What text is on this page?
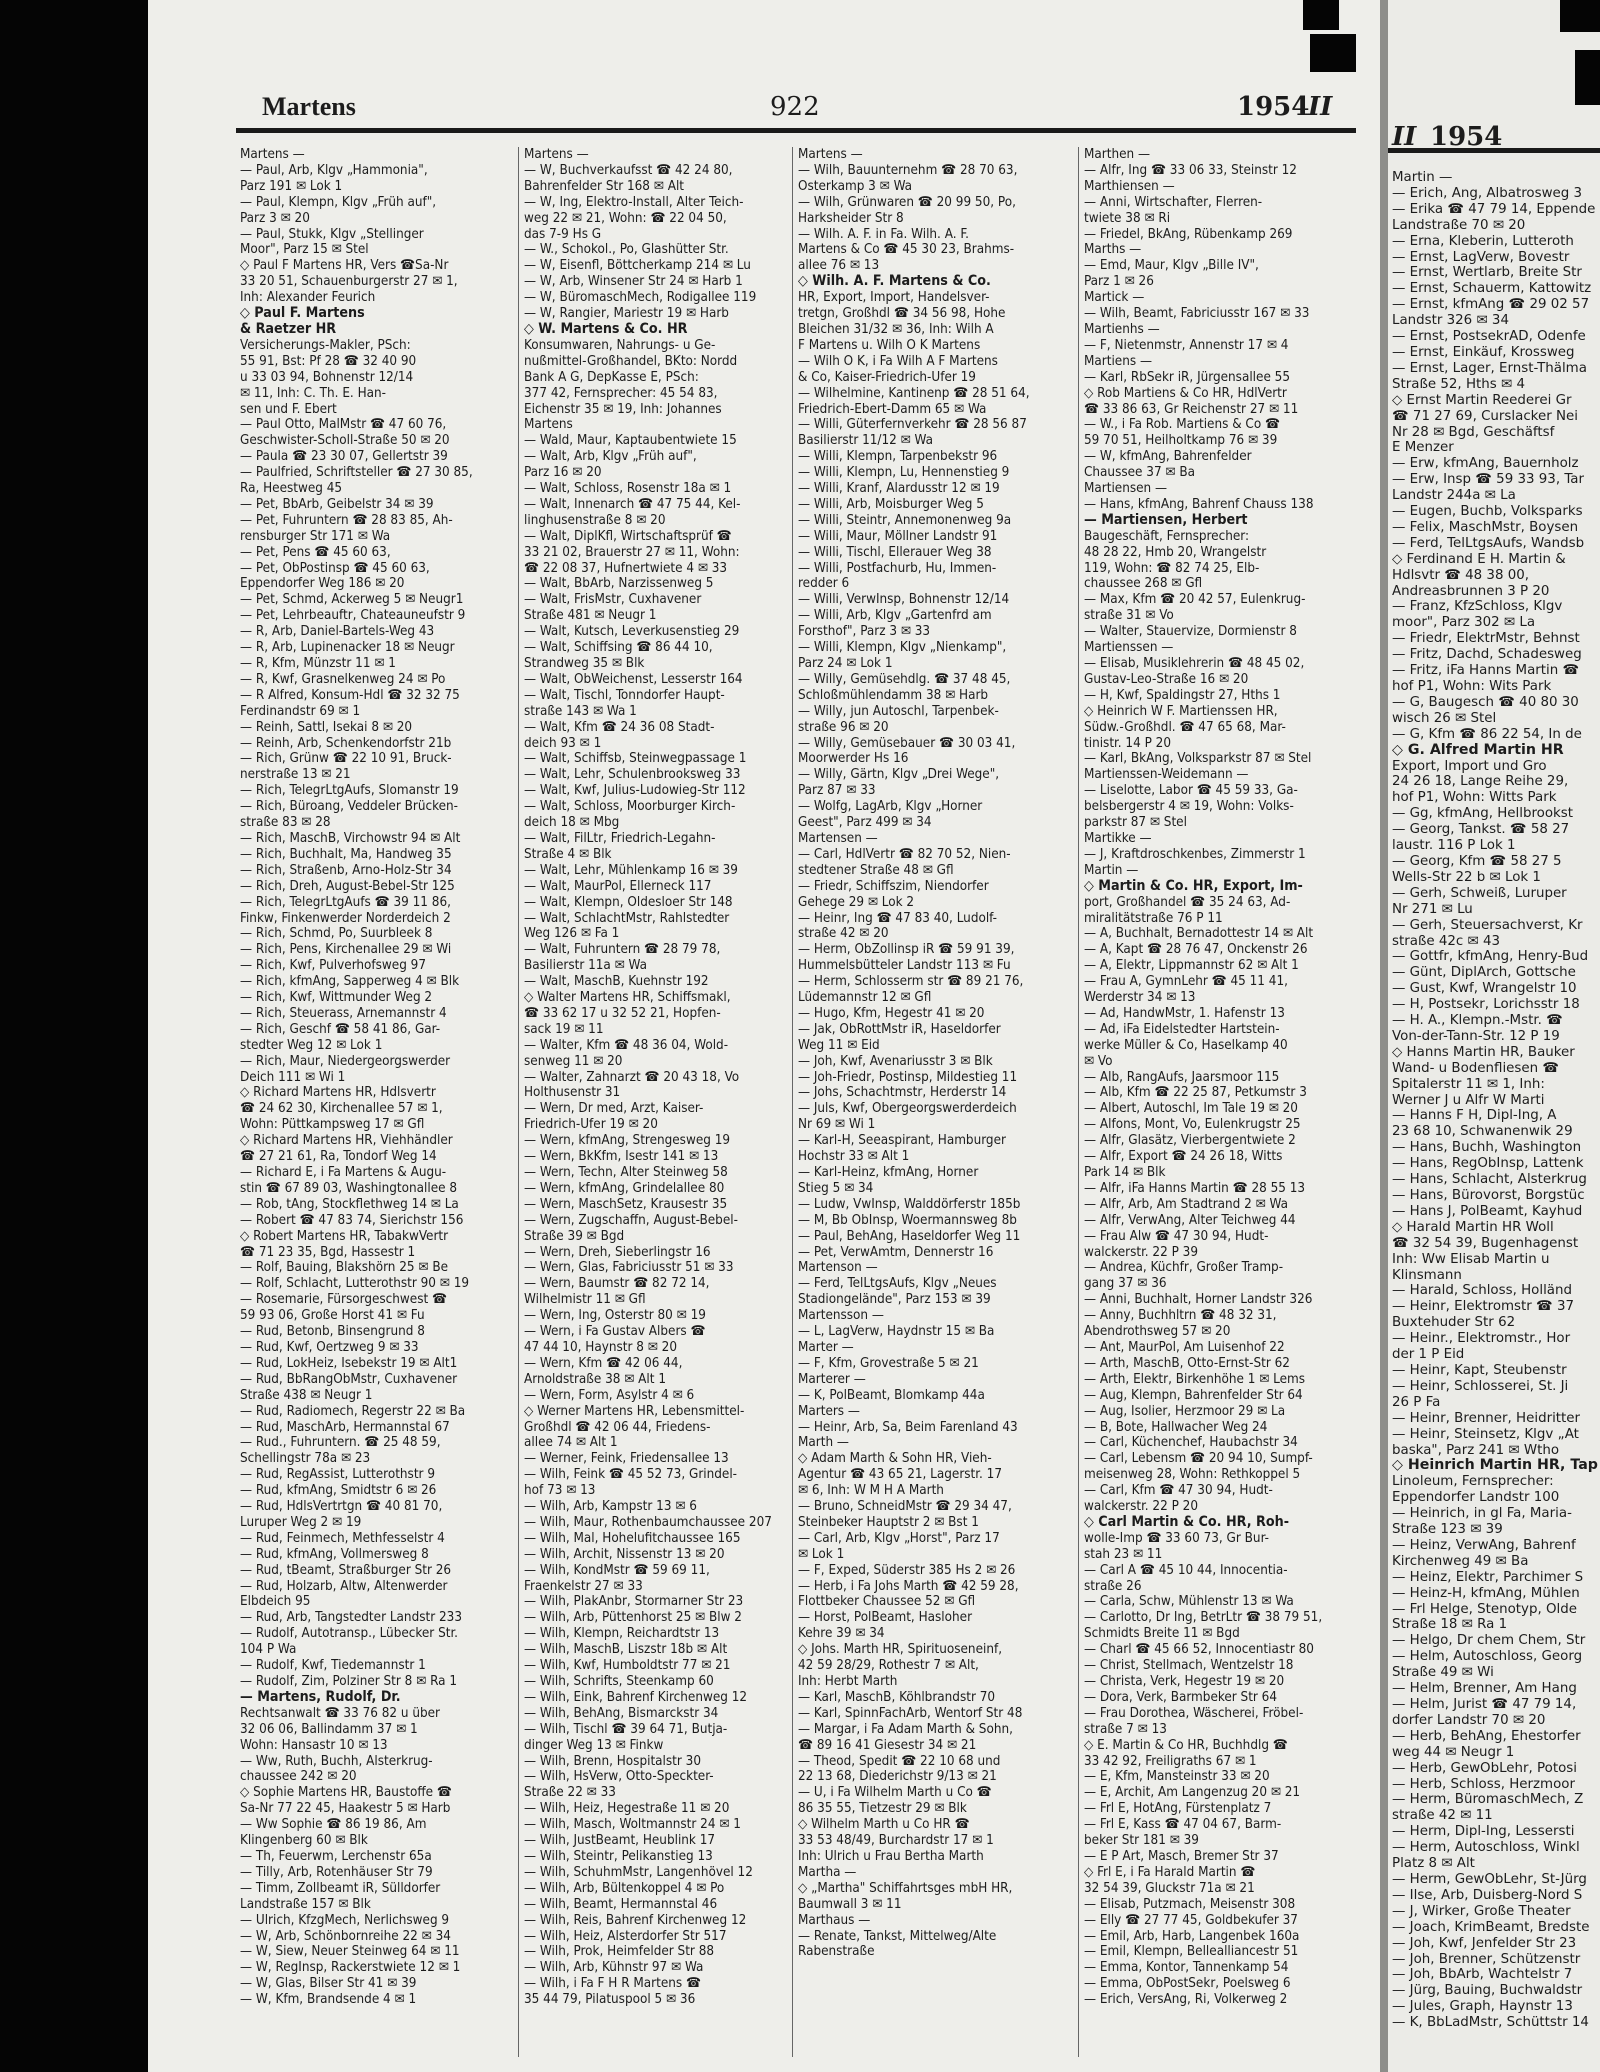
Martens	922	1954
II
II 1954
Martens —
— Paul, Arb, Klgv „Hammonia",
Parz 191 ✉ Lok 1
— Paul, Klempn, Klgv „Früh auf",
Parz 3 ✉ 20
— Paul, Stukk, Klgv „Stellinger
Moor", Parz 15 ✉ Stel
◇ Paul F Martens HR, Vers ☎Sa-Nr
33 20 51, Schauenburgerstr 27 ✉ 1,
Inh: Alexander Feurich
◇ Paul F. Martens
& Raetzer HR
Versicherungs-Makler, PSch:
55 91, Bst: Pf 28 ☎ 32 40 90
u 33 03 94, Bohnenstr 12/14
✉ 11, Inh: C. Th. E. Han-
sen und F. Ebert
— Paul Otto, MalMstr ☎ 47 60 76,
Geschwister-Scholl-Straße 50 ✉ 20
— Paula ☎ 23 30 07, Gellertstr 39
— Paulfried, Schriftsteller ☎ 27 30 85,
Ra, Heestweg 45
— Pet, BbArb, Geibelstr 34 ✉ 39
— Pet, Fuhruntern ☎ 28 83 85, Ah-
rensburger Str 171 ✉ Wa
— Pet, Pens ☎ 45 60 63,
— Pet, ObPostinsp ☎ 45 60 63,
Eppendorfer Weg 186 ✉ 20
— Pet, Schmd, Ackerweg 5 ✉ Neugr1
— Pet, Lehrbeauftr, Chateauneufstr 9
— R, Arb, Daniel-Bartels-Weg 43
— R, Arb, Lupinenacker 18 ✉ Neugr
— R, Kfm, Münzstr 11 ✉ 1
— R, Kwf, Grasnelkenweg 24 ✉ Po
— R Alfred, Konsum-Hdl ☎ 32 32 75
Ferdinandstr 69 ✉ 1
— Reinh, Sattl, Isekai 8 ✉ 20
— Reinh, Arb, Schenkendorfstr 21b
— Rich, Grünw ☎ 22 10 91, Bruck-
nerstraße 13 ✉ 21
— Rich, TelegrLtgAufs, Slomanstr 19
— Rich, Büroang, Veddeler Brücken-
straße 83 ✉ 28
— Rich, MaschB, Virchowstr 94 ✉ Alt
— Rich, Buchhalt, Ma, Handweg 35
— Rich, Straßenb, Arno-Holz-Str 34
— Rich, Dreh, August-Bebel-Str 125
— Rich, TelegrLtgAufs ☎ 39 11 86,
Finkw, Finkenwerder Norderdeich 2
— Rich, Schmd, Po, Suurbleek 8
— Rich, Pens, Kirchenallee 29 ✉ Wi
— Rich, Kwf, Pulverhofsweg 97
— Rich, kfmAng, Sapperweg 4 ✉ Blk
— Rich, Kwf, Wittmunder Weg 2
— Rich, Steuerass, Arnemannstr 4
— Rich, Geschf ☎ 58 41 86, Gar-
stedter Weg 12 ✉ Lok 1
— Rich, Maur, Niedergeorgswerder
Deich 111 ✉ Wi 1
◇ Richard Martens HR, Hdlsvertr
☎ 24 62 30, Kirchenallee 57 ✉ 1,
Wohn: Püttkampsweg 17 ✉ Gfl
◇ Richard Martens HR, Viehhändler
☎ 27 21 61, Ra, Tondorf Weg 14
— Richard E, i Fa Martens & Augu-
stin ☎ 67 89 03, Washingtonallee 8
— Rob, tAng, Stockflethweg 14 ✉ La
— Robert ☎ 47 83 74, Sierichstr 156
◇ Robert Martens HR, TabakwVertr
☎ 71 23 35, Bgd, Hassestr 1
— Rolf, Bauing, Blakshörn 25 ✉ Be
— Rolf, Schlacht, Lutterothstr 90 ✉ 19
— Rosemarie, Fürsorgeschwest ☎
59 93 06, Große Horst 41 ✉ Fu
— Rud, Betonb, Binsengrund 8
— Rud, Kwf, Oertzweg 9 ✉ 33
— Rud, LokHeiz, Isebekstr 19 ✉ Alt1
— Rud, BbRangObMstr, Cuxhavener
Straße 438 ✉ Neugr 1
— Rud, Radiomech, Regerstr 22 ✉ Ba
— Rud, MaschArb, Hermannstal 67
— Rud., Fuhruntern. ☎ 25 48 59,
Schellingstr 78a ✉ 23
— Rud, RegAssist, Lutterothstr 9
— Rud, kfmAng, Smidtstr 6 ✉ 26
— Rud, HdlsVertrtgn ☎ 40 81 70,
Luruper Weg 2 ✉ 19
— Rud, Feinmech, Methfesselstr 4
— Rud, kfmAng, Vollmersweg 8
— Rud, tBeamt, Straßburger Str 26
— Rud, Holzarb, Altw, Altenwerder
Elbdeich 95
— Rud, Arb, Tangstedter Landstr 233
— Rudolf, Autotransp., Lübecker Str.
104 P Wa
— Rudolf, Kwf, Tiedemannstr 1
— Rudolf, Zim, Polziner Str 8 ✉ Ra 1
— Martens, Rudolf, Dr.
Rechtsanwalt ☎ 33 76 82 u über
32 06 06, Ballindamm 37 ✉ 1
Wohn: Hansastr 10 ✉ 13
— Ww, Ruth, Buchh, Alsterkrug-
chaussee 242 ✉ 20
◇ Sophie Martens HR, Baustoffe ☎
Sa-Nr 77 22 45, Haakestr 5 ✉ Harb
— Ww Sophie ☎ 86 19 86, Am
Klingenberg 60 ✉ Blk
— Th, Feuerwm, Lerchenstr 65a
— Tilly, Arb, Rotenhäuser Str 79
— Timm, Zollbeamt iR, Sülldorfer
Landstraße 157 ✉ Blk
— Ulrich, KfzgMech, Nerlichsweg 9
— W, Arb, Schönbornreihe 22 ✉ 34
— W, Siew, Neuer Steinweg 64 ✉ 11
— W, RegInsp, Rackerstwiete 12 ✉ 1
— W, Glas, Bilser Str 41 ✉ 39
— W, Kfm, Brandsende 4 ✉ 1
Martens —
— W, Buchverkaufsst ☎ 42 24 80,
Bahrenfelder Str 168 ✉ Alt
— W, Ing, Elektro-Install, Alter Teich-
weg 22 ✉ 21, Wohn: ☎ 22 04 50,
das 7-9 Hs G
— W., Schokol., Po, Glashütter Str.
— W, Eisenfl, Böttcherkamp 214 ✉ Lu
— W, Arb, Winsener Str 24 ✉ Harb 1
— W, BüromaschMech, Rodigallee 119
— W, Rangier, Mariestr 19 ✉ Harb
◇ W. Martens & Co. HR
Konsumwaren, Nahrungs- u Ge-
nußmittel-Großhandel, BKto: Nordd
Bank A G, DepKasse E, PSch:
377 42, Fernsprecher: 45 54 83,
Eichenstr 35 ✉ 19, Inh: Johannes
Martens
— Wald, Maur, Kaptaubentwiete 15
— Walt, Arb, Klgv „Früh auf",
Parz 16 ✉ 20
— Walt, Schloss, Rosenstr 18a ✉ 1
— Walt, Innenarch ☎ 47 75 44, Kel-
linghusenstraße 8 ✉ 20
— Walt, DiplKfl, Wirtschaftsprüf ☎
33 21 02, Brauerstr 27 ✉ 11, Wohn:
☎ 22 08 37, Hufnertwiete 4 ✉ 33
— Walt, BbArb, Narzissenweg 5
— Walt, FrisMstr, Cuxhavener
Straße 481 ✉ Neugr 1
— Walt, Kutsch, Leverkusenstieg 29
— Walt, Schiffsing ☎ 86 44 10,
Strandweg 35 ✉ Blk
— Walt, ObWeichenst, Lesserstr 164
— Walt, Tischl, Tonndorfer Haupt-
straße 143 ✉ Wa 1
— Walt, Kfm ☎ 24 36 08 Stadt-
deich 93 ✉ 1
— Walt, Schiffsb, Steinwegpassage 1
— Walt, Lehr, Schulenbrooksweg 33
— Walt, Kwf, Julius-Ludowieg-Str 112
— Walt, Schloss, Moorburger Kirch-
deich 18 ✉ Mbg
— Walt, FilLtr, Friedrich-Legahn-
Straße 4 ✉ Blk
— Walt, Lehr, Mühlenkamp 16 ✉ 39
— Walt, MaurPol, Ellerneck 117
— Walt, Klempn, Oldesloer Str 148
— Walt, SchlachtMstr, Rahlstedter
Weg 126 ✉ Fa 1
— Walt, Fuhruntern ☎ 28 79 78,
Basilierstr 11a ✉ Wa
— Walt, MaschB, Kuehnstr 192
◇ Walter Martens HR, Schiffsmakl,
☎ 33 62 17 u 32 52 21, Hopfen-
sack 19 ✉ 11
— Walter, Kfm ☎ 48 36 04, Wold-
senweg 11 ✉ 20
— Walter, Zahnarzt ☎ 20 43 18, Vo
Holthusenstr 31
— Wern, Dr med, Arzt, Kaiser-
Friedrich-Ufer 19 ✉ 20
— Wern, kfmAng, Strengesweg 19
— Wern, BkKfm, Isestr 141 ✉ 13
— Wern, Techn, Alter Steinweg 58
— Wern, kfmAng, Grindelallee 80
— Wern, MaschSetz, Krausestr 35
— Wern, Zugschaffn, August-Bebel-
Straße 39 ✉ Bgd
— Wern, Dreh, Sieberlingstr 16
— Wern, Glas, Fabriciusstr 51 ✉ 33
— Wern, Baumstr ☎ 82 72 14,
Wilhelmistr 11 ✉ Gfl
— Wern, Ing, Osterstr 80 ✉ 19
— Wern, i Fa Gustav Albers ☎
47 44 10, Haynstr 8 ✉ 20
— Wern, Kfm ☎ 42 06 44,
Arnoldstraße 38 ✉ Alt 1
— Wern, Form, Asylstr 4 ✉ 6
◇ Werner Martens HR, Lebensmittel-
Großhdl ☎ 42 06 44, Friedens-
allee 74 ✉ Alt 1
— Werner, Feink, Friedensallee 13
— Wilh, Feink ☎ 45 52 73, Grindel-
hof 73 ✉ 13
— Wilh, Arb, Kampstr 13 ✉ 6
— Wilh, Maur, Rothenbaumchaussee 207
— Wilh, Mal, Hohelufitchaussee 165
— Wilh, Archit, Nissenstr 13 ✉ 20
— Wilh, KondMstr ☎ 59 69 11,
Fraenkelstr 27 ✉ 33
— Wilh, PlakAnbr, Stormarner Str 23
— Wilh, Arb, Püttenhorst 25 ✉ Blw 2
— Wilh, Klempn, Reichardtstr 13
— Wilh, MaschB, Liszstr 18b ✉ Alt
— Wilh, Kwf, Humboldtstr 77 ✉ 21
— Wilh, Schrifts, Steenkamp 60
— Wilh, Eink, Bahrenf Kirchenweg 12
— Wilh, BehAng, Bismarckstr 34
— Wilh, Tischl ☎ 39 64 71, Butja-
dinger Weg 13 ✉ Finkw
— Wilh, Brenn, Hospitalstr 30
— Wilh, HsVerw, Otto-Speckter-
Straße 22 ✉ 33
— Wilh, Heiz, Hegestraße 11 ✉ 20
— Wilh, Masch, Woltmannstr 24 ✉ 1
— Wilh, JustBeamt, Heublink 17
— Wilh, Steintr, Pelikanstieg 13
— Wilh, SchuhmMstr, Langenhövel 12
— Wilh, Arb, Bültenkoppel 4 ✉ Po
— Wilh, Beamt, Hermannstal 46
— Wilh, Reis, Bahrenf Kirchenweg 12
— Wilh, Heiz, Alsterdorfer Str 517
— Wilh, Prok, Heimfelder Str 88
— Wilh, Arb, Kühnstr 97 ✉ Wa
— Wilh, i Fa F H R Martens ☎
35 44 79, Pilatuspool 5 ✉ 36
Martens —
— Wilh, Bauunternehm ☎ 28 70 63,
Osterkamp 3 ✉ Wa
— Wilh, Grünwaren ☎ 20 99 50, Po,
Harksheider Str 8
— Wilh. A. F. in Fa. Wilh. A. F.
Martens & Co ☎ 45 30 23, Brahms-
allee 76 ✉ 13
◇ Wilh. A. F. Martens & Co.
HR, Export, Import, Handelsver-
tretgn, Großhdl ☎ 34 56 98, Hohe
Bleichen 31/32 ✉ 36, Inh: Wilh A
F Martens u. Wilh O K Martens
— Wilh O K, i Fa Wilh A F Martens
& Co, Kaiser-Friedrich-Ufer 19
— Wilhelmine, Kantinenp ☎ 28 51 64,
Friedrich-Ebert-Damm 65 ✉ Wa
— Willi, Güterfernverkehr ☎ 28 56 87
Basilierstr 11/12 ✉ Wa
— Willi, Klempn, Tarpenbekstr 96
— Willi, Klempn, Lu, Hennenstieg 9
— Willi, Kranf, Alardusstr 12 ✉ 19
— Willi, Arb, Moisburger Weg 5
— Willi, Steintr, Annemonenweg 9a
— Willi, Maur, Möllner Landstr 91
— Willi, Tischl, Ellerauer Weg 38
— Willi, Postfachurb, Hu, Immen-
redder 6
— Willi, VerwInsp, Bohnenstr 12/14
— Willi, Arb, Klgv „Gartenfrd am
Forsthof", Parz 3 ✉ 33
— Willi, Klempn, Klgv „Nienkamp",
Parz 24 ✉ Lok 1
— Willy, Gemüsehdlg. ☎ 37 48 45,
Schloßmühlendamm 38 ✉ Harb
— Willy, jun Autoschl, Tarpenbek-
straße 96 ✉ 20
— Willy, Gemüsebauer ☎ 30 03 41,
Moorwerder Hs 16
— Willy, Gärtn, Klgv „Drei Wege",
Parz 87 ✉ 33
— Wolfg, LagArb, Klgv „Horner
Geest", Parz 499 ✉ 34
Martensen —
— Carl, HdlVertr ☎ 82 70 52, Nien-
stedtener Straße 48 ✉ Gfl
— Friedr, Schiffszim, Niendorfer
Gehege 29 ✉ Lok 2
— Heinr, Ing ☎ 47 83 40, Ludolf-
straße 42 ✉ 20
— Herm, ObZollinsp iR ☎ 59 91 39,
Hummelsbütteler Landstr 113 ✉ Fu
— Herm, Schlosserm str ☎ 89 21 76,
Lüdemannstr 12 ✉ Gfl
— Hugo, Kfm, Hegestr 41 ✉ 20
— Jak, ObRottMstr iR, Haseldorfer
Weg 11 ✉ Eid
— Joh, Kwf, Avenariusstr 3 ✉ Blk
— Joh-Friedr, Postinsp, Mildestieg 11
— Johs, Schachtmstr, Herderstr 14
— Juls, Kwf, Obergeorgswerderdeich
Nr 69 ✉ Wi 1
— Karl-H, Seeaspirant, Hamburger
Hochstr 33 ✉ Alt 1
— Karl-Heinz, kfmAng, Horner
Stieg 5 ✉ 34
— Ludw, VwInsp, Walddörferstr 185b
— M, Bb ObInsp, Woermannsweg 8b
— Paul, BehAng, Haseldorfer Weg 11
— Pet, VerwAmtm, Dennerstr 16
Martenson —
— Ferd, TelLtgsAufs, Klgv „Neues
Stadiongelände", Parz 153 ✉ 39
Martensson —
— L, LagVerw, Haydnstr 15 ✉ Ba
Marter —
— F, Kfm, Grovestraße 5 ✉ 21
Marterer —
— K, PolBeamt, Blomkamp 44a
Marters —
— Heinr, Arb, Sa, Beim Farenland 43
Marth —
◇ Adam Marth & Sohn HR, Vieh-
Agentur ☎ 43 65 21, Lagerstr. 17
✉ 6, Inh: W M H A Marth
— Bruno, SchneidMstr ☎ 29 34 47,
Steinbeker Hauptstr 2 ✉ Bst 1
— Carl, Arb, Klgv „Horst", Parz 17
✉ Lok 1
— F, Exped, Süderstr 385 Hs 2 ✉ 26
— Herb, i Fa Johs Marth ☎ 42 59 28,
Flottbeker Chaussee 52 ✉ Gfl
— Horst, PolBeamt, Hasloher
Kehre 39 ✉ 34
◇ Johs. Marth HR, Spirituoseneinf,
42 59 28/29, Rothestr 7 ✉ Alt,
Inh: Herbt Marth
— Karl, MaschB, Köhlbrandstr 70
— Karl, SpinnFachArb, Wentorf Str 48
— Margar, i Fa Adam Marth & Sohn,
☎ 89 16 41 Giesestr 34 ✉ 21
— Theod, Spedit ☎ 22 10 68 und
22 13 68, Diederichstr 9/13 ✉ 21
— U, i Fa Wilhelm Marth u Co ☎
86 35 55, Tietzestr 29 ✉ Blk
◇ Wilhelm Marth u Co HR ☎
33 53 48/49, Burchardstr 17 ✉ 1
Inh: Ulrich u Frau Bertha Marth
Martha —
◇ „Martha" Schiffahrtsges mbH HR,
Baumwall 3 ✉ 11
Marthaus —
— Renate, Tankst, Mittelweg/Alte
Rabenstraße
Marthen —
— Alfr, Ing ☎ 33 06 33, Steinstr 12
Marthiensen —
— Anni, Wirtschafter, Flerren-
twiete 38 ✉ Ri
— Friedel, BkAng, Rübenkamp 269
Marths —
— Emd, Maur, Klgv „Bille IV",
Parz 1 ✉ 26
Martick —
— Wilh, Beamt, Fabriciusstr 167 ✉ 33
Martienhs —
— F, Nietenmstr, Annenstr 17 ✉ 4
Martiens —
— Karl, RbSekr iR, Jürgensallee 55
◇ Rob Martiens & Co HR, HdlVertr
☎ 33 86 63, Gr Reichenstr 27 ✉ 11
— W., i Fa Rob. Martiens & Co ☎
59 70 51, Heilholtkamp 76 ✉ 39
— W, kfmAng, Bahrenfelder
Chaussee 37 ✉ Ba
Martiensen —
— Hans, kfmAng, Bahrenf Chauss 138
— Martiensen, Herbert
Baugeschäft, Fernsprecher:
48 28 22, Hmb 20, Wrangelstr
119, Wohn: ☎ 82 74 25, Elb-
chaussee 268 ✉ Gfl
— Max, Kfm ☎ 20 42 57, Eulenkrug-
straße 31 ✉ Vo
— Walter, Stauervize, Dormienstr 8
Martienssen —
— Elisab, Musiklehrerin ☎ 48 45 02,
Gustav-Leo-Straße 16 ✉ 20
— H, Kwf, Spaldingstr 27, Hths 1
◇ Heinrich W F. Martienssen HR,
Südw.-Großhdl. ☎ 47 65 68, Mar-
tinistr. 14 P 20
— Karl, BkAng, Volksparkstr 87 ✉ Stel
Martienssen-Weidemann —
— Liselotte, Labor ☎ 45 59 33, Ga-
belsbergerstr 4 ✉ 19, Wohn: Volks-
parkstr 87 ✉ Stel
Martikke —
— J, Kraftdroschkenbes, Zimmerstr 1
Martin —
◇ Martin & Co. HR, Export, Im-
port, Großhandel ☎ 35 24 63, Ad-
miralitätstraße 76 P 11
— A, Buchhalt, Bernadottestr 14 ✉ Alt
— A, Kapt ☎ 28 76 47, Onckenstr 26
— A, Elektr, Lippmannstr 62 ✉ Alt 1
— Frau A, GymnLehr ☎ 45 11 41,
Werderstr 34 ✉ 13
— Ad, HandwMstr, 1. Hafenstr 13
— Ad, iFa Eidelstedter Hartstein-
werke Müller & Co, Haselkamp 40
✉ Vo
— Alb, RangAufs, Jaarsmoor 115
— Alb, Kfm ☎ 22 25 87, Petkumstr 3
— Albert, Autoschl, Im Tale 19 ✉ 20
— Alfons, Mont, Vo, Eulenkrugstr 25
— Alfr, Glasätz, Vierbergentwiete 2
— Alfr, Export ☎ 24 26 18, Witts
Park 14 ✉ Blk
— Alfr, iFa Hanns Martin ☎ 28 55 13
— Alfr, Arb, Am Stadtrand 2 ✉ Wa
— Alfr, VerwAng, Alter Teichweg 44
— Frau Alw ☎ 47 30 94, Hudt-
walckerstr. 22 P 39
— Andrea, Küchfr, Großer Tramp-
gang 37 ✉ 36
— Anni, Buchhalt, Horner Landstr 326
— Anny, Buchhltrn ☎ 48 32 31,
Abendrothsweg 57 ✉ 20
— Ant, MaurPol, Am Luisenhof 22
— Arth, MaschB, Otto-Ernst-Str 62
— Arth, Elektr, Birkenhöhe 1 ✉ Lems
— Aug, Klempn, Bahrenfelder Str 64
— Aug, Isolier, Herzmoor 29 ✉ La
— B, Bote, Hallwacher Weg 24
— Carl, Küchenchef, Haubachstr 34
— Carl, Lebensm ☎ 20 94 10, Sumpf-
meisenweg 28, Wohn: Rethkoppel 5
— Carl, Kfm ☎ 47 30 94, Hudt-
walckerstr. 22 P 20
◇ Carl Martin & Co. HR, Roh-
wolle-Imp ☎ 33 60 73, Gr Bur-
stah 23 ✉ 11
— Carl A ☎ 45 10 44, Innocentia-
straße 26
— Carla, Schw, Mühlenstr 13 ✉ Wa
— Carlotto, Dr Ing, BetrLtr ☎ 38 79 51,
Schmidts Breite 11 ✉ Bgd
— Charl ☎ 45 66 52, Innocentiastr 80
— Christ, Stellmach, Wentzelstr 18
— Christa, Verk, Hegestr 19 ✉ 20
— Dora, Verk, Barmbeker Str 64
— Frau Dorothea, Wäscherei, Fröbel-
straße 7 ✉ 13
◇ E. Martin & Co HR, Buchhdlg ☎
33 42 92, Freiligraths 67 ✉ 1
— E, Kfm, Mansteinstr 33 ✉ 20
— E, Archit, Am Langenzug 20 ✉ 21
— Frl E, HotAng, Fürstenplatz 7
— Frl E, Kass ☎ 47 04 67, Barm-
beker Str 181 ✉ 39
— E P Art, Masch, Bremer Str 37
◇ Frl E, i Fa Harald Martin ☎
32 54 39, Gluckstr 71a ✉ 21
— Elisab, Putzmach, Meisenstr 308
— Elly ☎ 27 77 45, Goldbekufer 37
— Emil, Arb, Harb, Langenbek 160a
— Emil, Klempn, Bellealliancestr 51
— Emma, Kontor, Tannenkamp 54
— Emma, ObPostSekr, Poelsweg 6
— Erich, VersAng, Ri, Volkerweg 2
Martin —
— Erich, Ang, Albatrosweg 3
— Erika ☎ 47 79 14, Eppende
Landstraße 70 ✉ 20
— Erna, Kleberin, Lutteroth
— Ernst, LagVerw, Bovestr
— Ernst, Wertlarb, Breite Str
— Ernst, Schauerm, Kattowitz
— Ernst, kfmAng ☎ 29 02 57
Landstr 326 ✉ 34
— Ernst, PostsekrAD, Odenfe
— Ernst, Einkäuf, Krossweg
— Ernst, Lager, Ernst-Thälma
Straße 52, Hths ✉ 4
◇ Ernst Martin Reederei Gr
☎ 71 27 69, Curslacker Nei
Nr 28 ✉ Bgd, Geschäftsf
E Menzer
— Erw, kfmAng, Bauernholz
— Erw, Insp ☎ 59 33 93, Tar
Landstr 244a ✉ La
— Eugen, Buchb, Volksparks
— Felix, MaschMstr, Boysen
— Ferd, TelLtgsAufs, Wandsb
◇ Ferdinand E H. Martin &
Hdlsvtr ☎ 48 38 00,
Andreasbrunnen 3 P 20
— Franz, KfzSchloss, Klgv
moor", Parz 302 ✉ La
— Friedr, ElektrMstr, Behnst
— Fritz, Dachd, Schadesweg
— Fritz, iFa Hanns Martin ☎
hof P1, Wohn: Wits Park
— G, Baugesch ☎ 40 80 30
wisch 26 ✉ Stel
— G, Kfm ☎ 86 22 54, In de
◇ G. Alfred Martin HR
Export, Import und Gro
24 26 18, Lange Reihe 29,
hof P1, Wohn: Witts Park
— Gg, kfmAng, Hellbrookst
— Georg, Tankst. ☎ 58 27
laustr. 116 P Lok 1
— Georg, Kfm ☎ 58 27 5
Wells-Str 22 b ✉ Lok 1
— Gerh, Schweiß, Luruper
Nr 271 ✉ Lu
— Gerh, Steuersachverst, Kr
straße 42c ✉ 43
— Gottfr, kfmAng, Henry-Bud
— Günt, DiplArch, Gottsche
— Gust, Kwf, Wrangelstr 10
— H, Postsekr, Lorichsstr 18
— H. A., Klempn.-Mstr. ☎
Von-der-Tann-Str. 12 P 19
◇ Hanns Martin HR, Bauker
Wand- u Bodenfliesen ☎
Spitalerstr 11 ✉ 1, Inh:
Werner J u Alfr W Marti
— Hanns F H, Dipl-Ing, A
23 68 10, Schwanenwik 29
— Hans, Buchh, Washington
— Hans, RegObInsp, Lattenk
— Hans, Schlacht, Alsterkrug
— Hans, Bürovorst, Borgstüc
— Hans J, PolBeamt, Kayhud
◇ Harald Martin HR Woll
☎ 32 54 39, Bugenhagenst
Inh: Ww Elisab Martin u
Klinsmann
— Harald, Schloss, Holländ
— Heinr, Elektromstr ☎ 37
Buxtehuder Str 62
— Heinr., Elektromstr., Hor
der 1 P Eid
— Heinr, Kapt, Steubenstr
— Heinr, Schlosserei, St. Ji
26 P Fa
— Heinr, Brenner, Heidritter
— Heinr, Steinsetz, Klgv „At
baska", Parz 241 ✉ Wtho
◇ Heinrich Martin HR, Tap
Linoleum, Fernsprecher:
Eppendorfer Landstr 100
— Heinrich, in gl Fa, Maria-
Straße 123 ✉ 39
— Heinz, VerwAng, Bahrenf
Kirchenweg 49 ✉ Ba
— Heinz, Elektr, Parchimer S
— Heinz-H, kfmAng, Mühlen
— Frl Helge, Stenotyp, Olde
Straße 18 ✉ Ra 1
— Helgo, Dr chem Chem, Str
— Helm, Autoschloss, Georg
Straße 49 ✉ Wi
— Helm, Brenner, Am Hang
— Helm, Jurist ☎ 47 79 14,
dorfer Landstr 70 ✉ 20
— Herb, BehAng, Ehestorfer
weg 44 ✉ Neugr 1
— Herb, GewObLehr, Potosi
— Herb, Schloss, Herzmoor
— Herm, BüromaschMech, Z
straße 42 ✉ 11
— Herm, Dipl-Ing, Lessersti
— Herm, Autoschloss, Winkl
Platz 8 ✉ Alt
— Herm, GewObLehr, St-Jürg
— Ilse, Arb, Duisberg-Nord S
— J, Wirker, Große Theater
— Joach, KrimBeamt, Bredste
— Joh, Kwf, Jenfelder Str 23
— Joh, Brenner, Schützenstr
— Joh, BbArb, Wachtelstr 7
— Jürg, Bauing, Buchwaldstr
— Jules, Graph, Haynstr 13
— K, BbLadMstr, Schüttstr 14
